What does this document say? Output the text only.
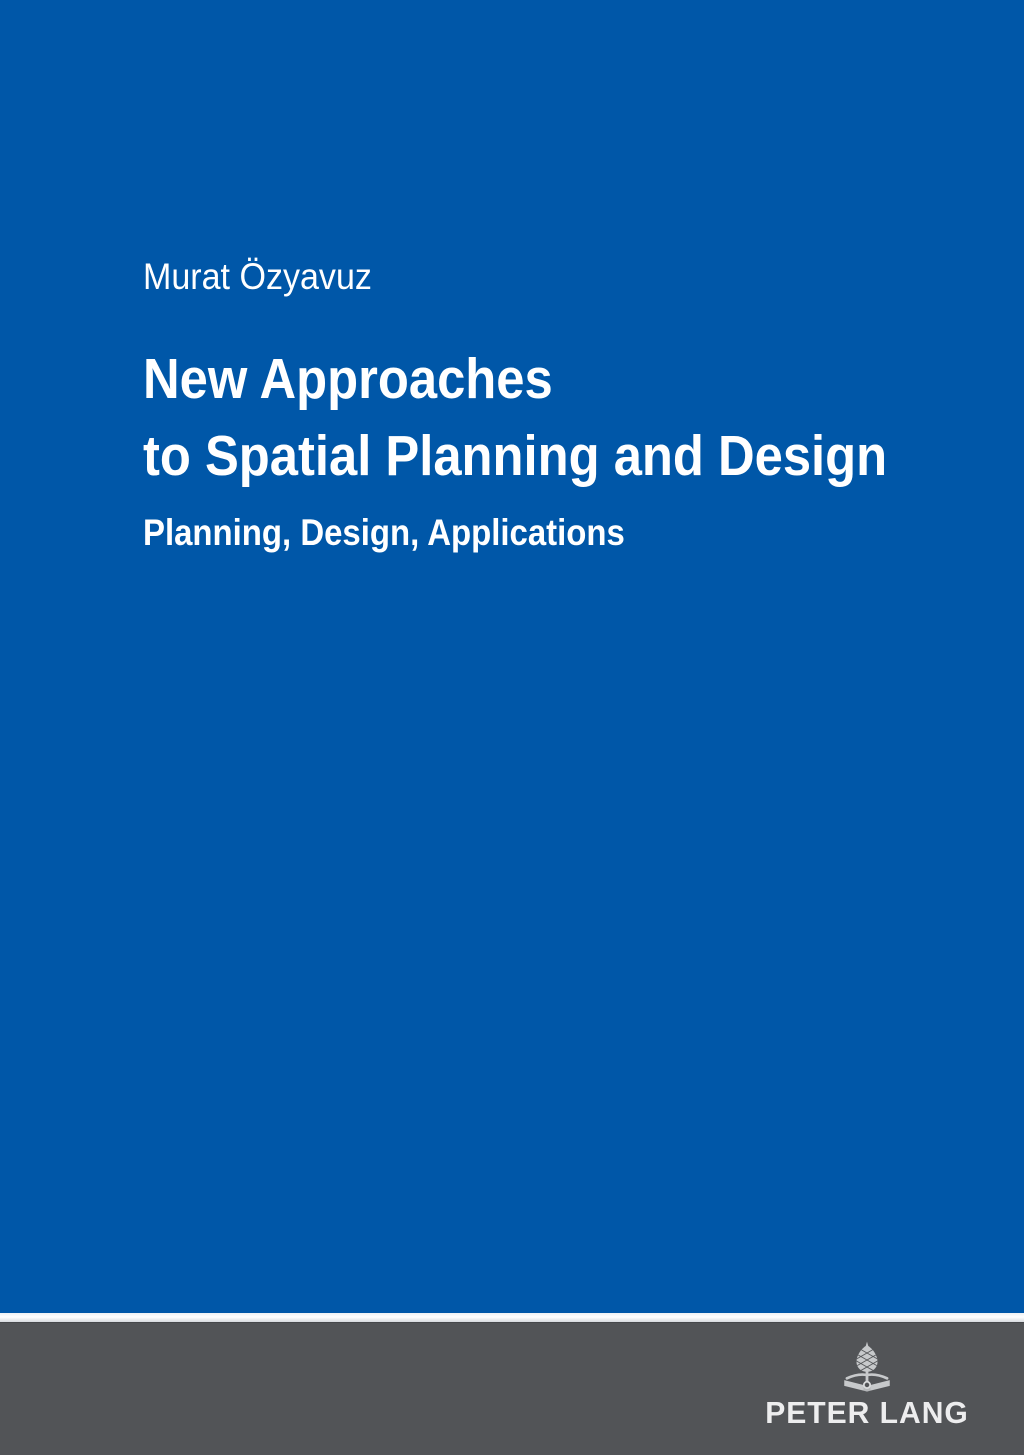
Murat Özyavuz
New Approaches
to Spatial Planning and Design
Planning, Design, Applications
PETER LANG
